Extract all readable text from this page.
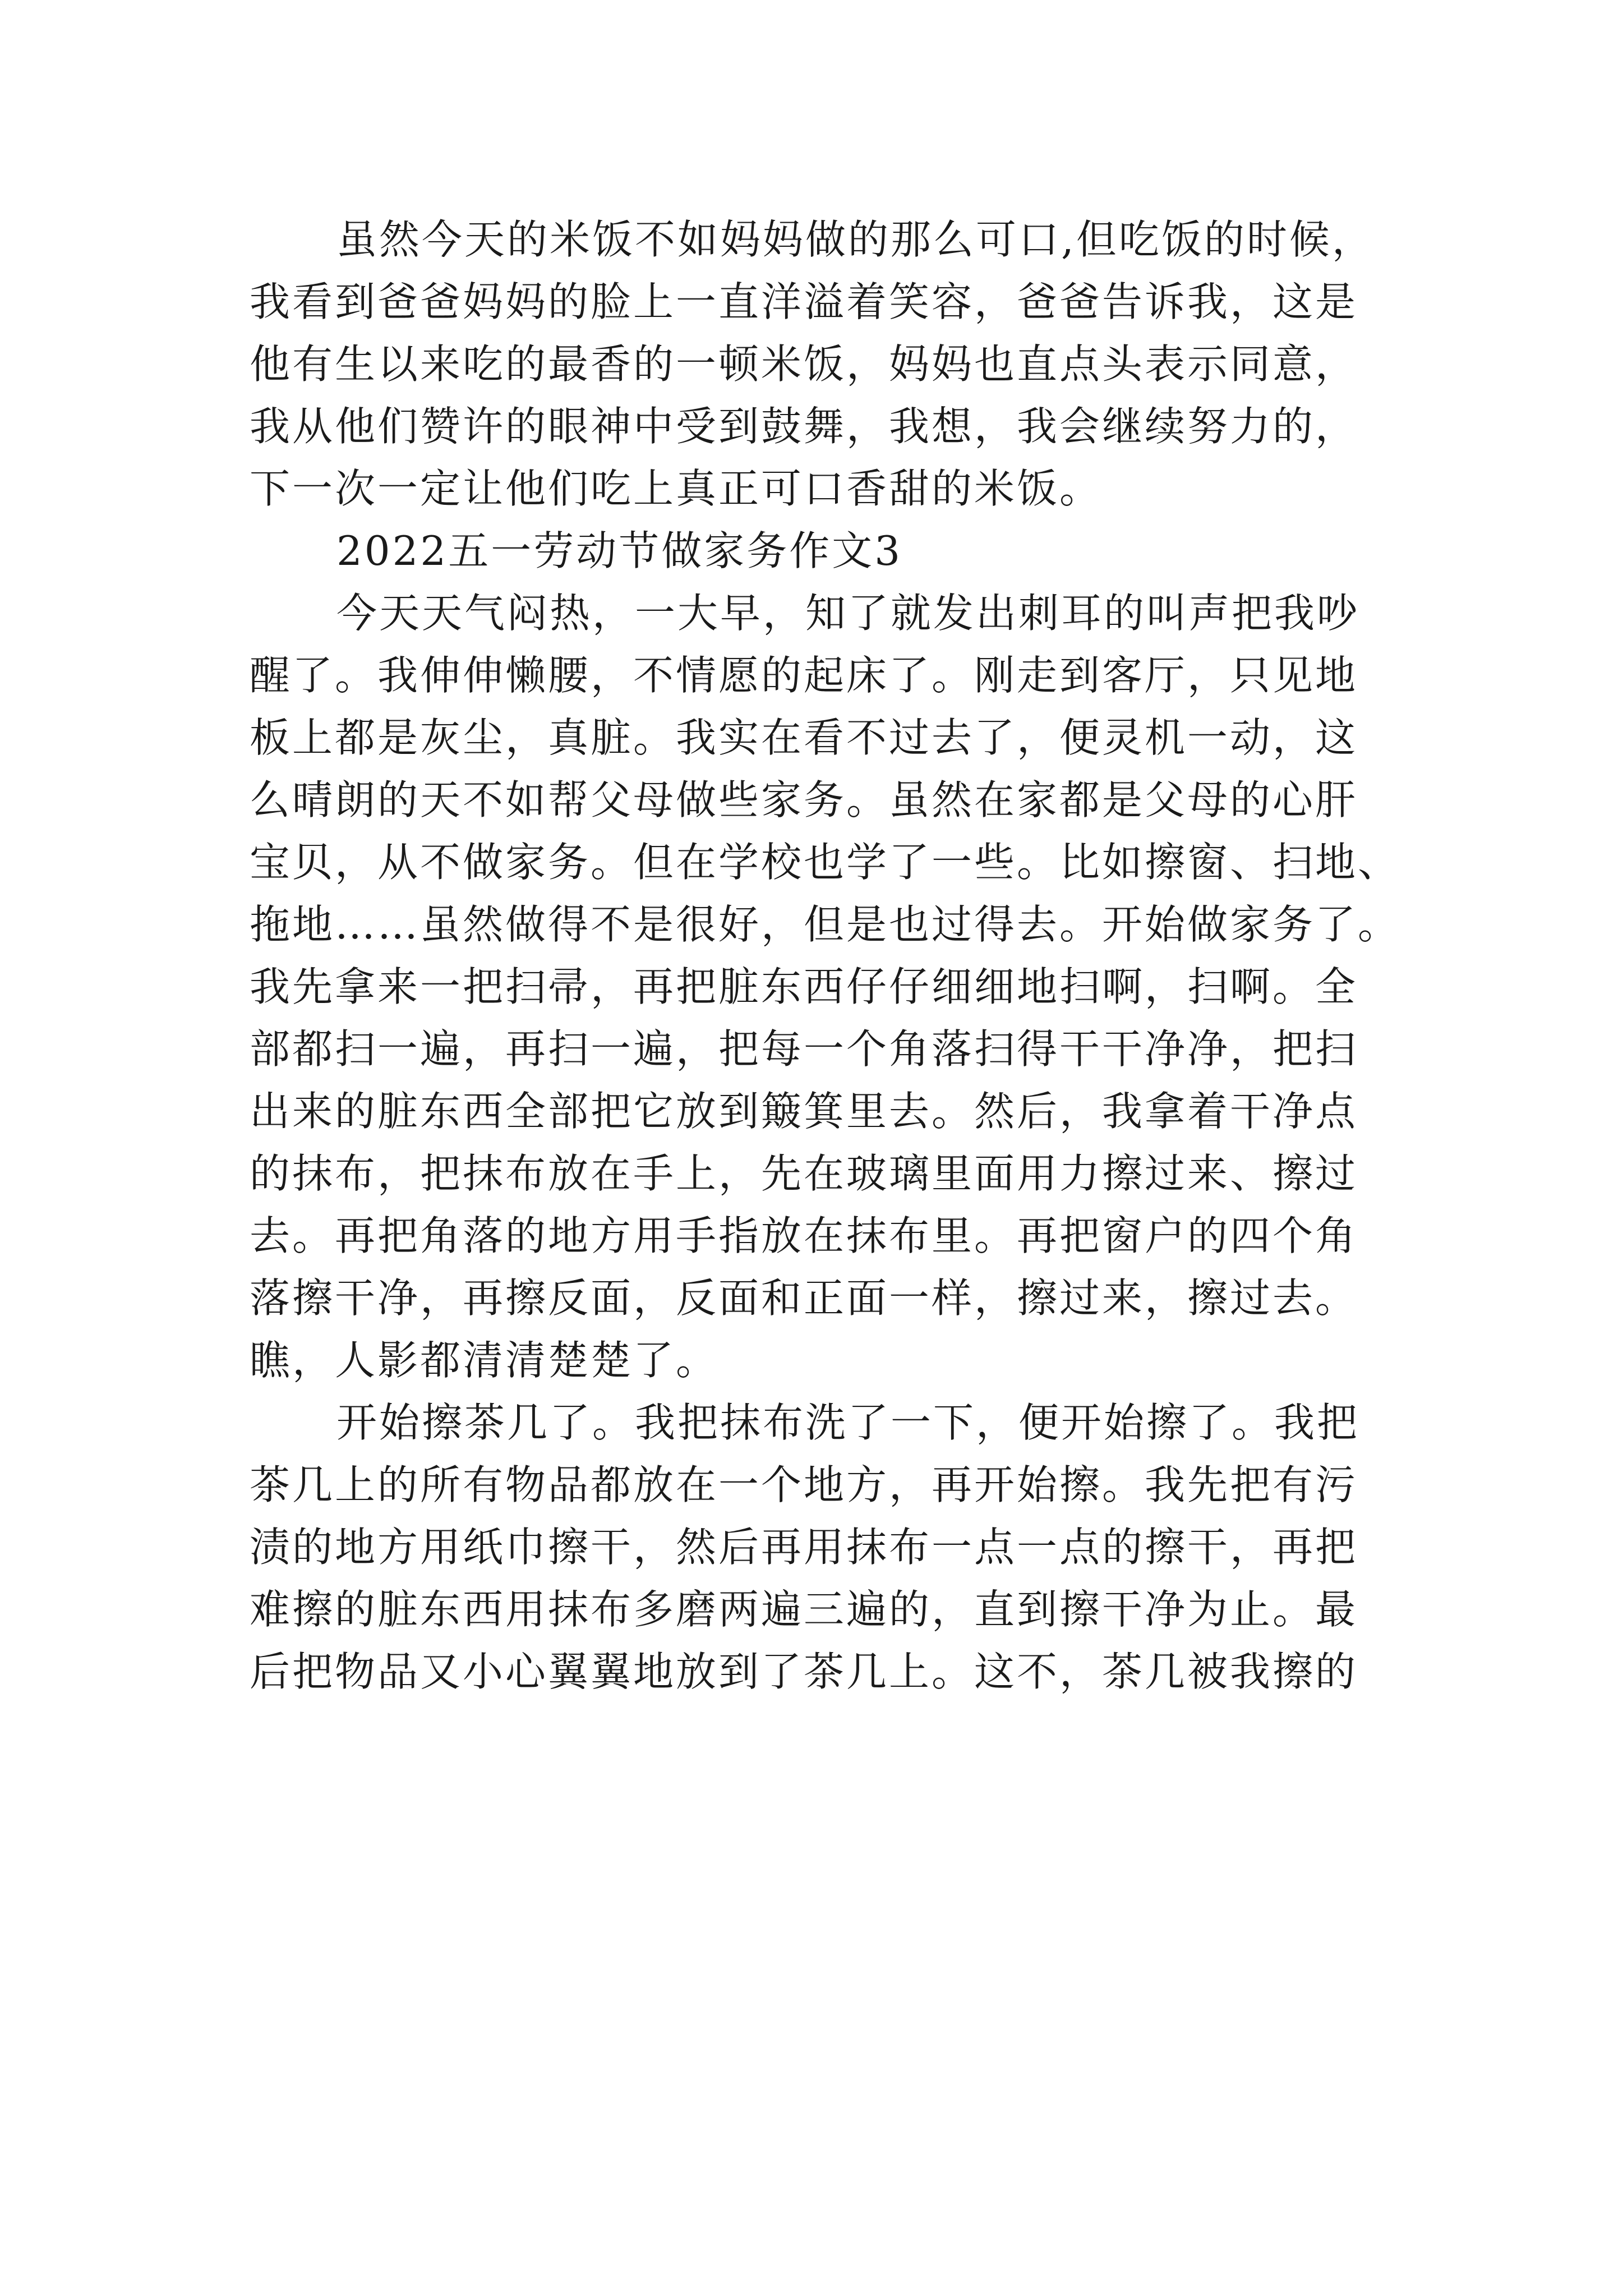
虽然今天的米饭不如妈妈做的那么可口,但吃饭的时候，
我看到爸爸妈妈的脸上一直洋溢着笑容，爸爸告诉我，这是
他有生以来吃的最香的一顿米饭，妈妈也直点头表示同意，
我从他们赞许的眼神中受到鼓舞，我想，我会继续努力的，
下一次一定让他们吃上真正可口香甜的米饭。
2022五一劳动节做家务作文3
今天天气闷热，一大早，知了就发出刺耳的叫声把我吵
醒了。我伸伸懒腰，不情愿的起床了。刚走到客厅，只见地
板上都是灰尘，真脏。我实在看不过去了，便灵机一动，这
么晴朗的天不如帮父母做些家务。虽然在家都是父母的心肝
宝贝，从不做家务。但在学校也学了一些。比如擦窗、扫地、
拖地……虽然做得不是很好，但是也过得去。开始做家务了。
我先拿来一把扫帚，再把脏东西仔仔细细地扫啊，扫啊。全
部都扫一遍，再扫一遍，把每一个角落扫得干干净净，把扫
出来的脏东西全部把它放到簸箕里去。然后，我拿着干净点
的抹布，把抹布放在手上，先在玻璃里面用力擦过来、擦过
去。再把角落的地方用手指放在抹布里。再把窗户的四个角
落擦干净，再擦反面，反面和正面一样，擦过来，擦过去。
瞧，人影都清清楚楚了。
开始擦茶几了。我把抹布洗了一下，便开始擦了。我把
茶几上的所有物品都放在一个地方，再开始擦。我先把有污
渍的地方用纸巾擦干，然后再用抹布一点一点的擦干，再把
难擦的脏东西用抹布多磨两遍三遍的，直到擦干净为止。最
后把物品又小心翼翼地放到了茶几上。这不，茶几被我擦的
